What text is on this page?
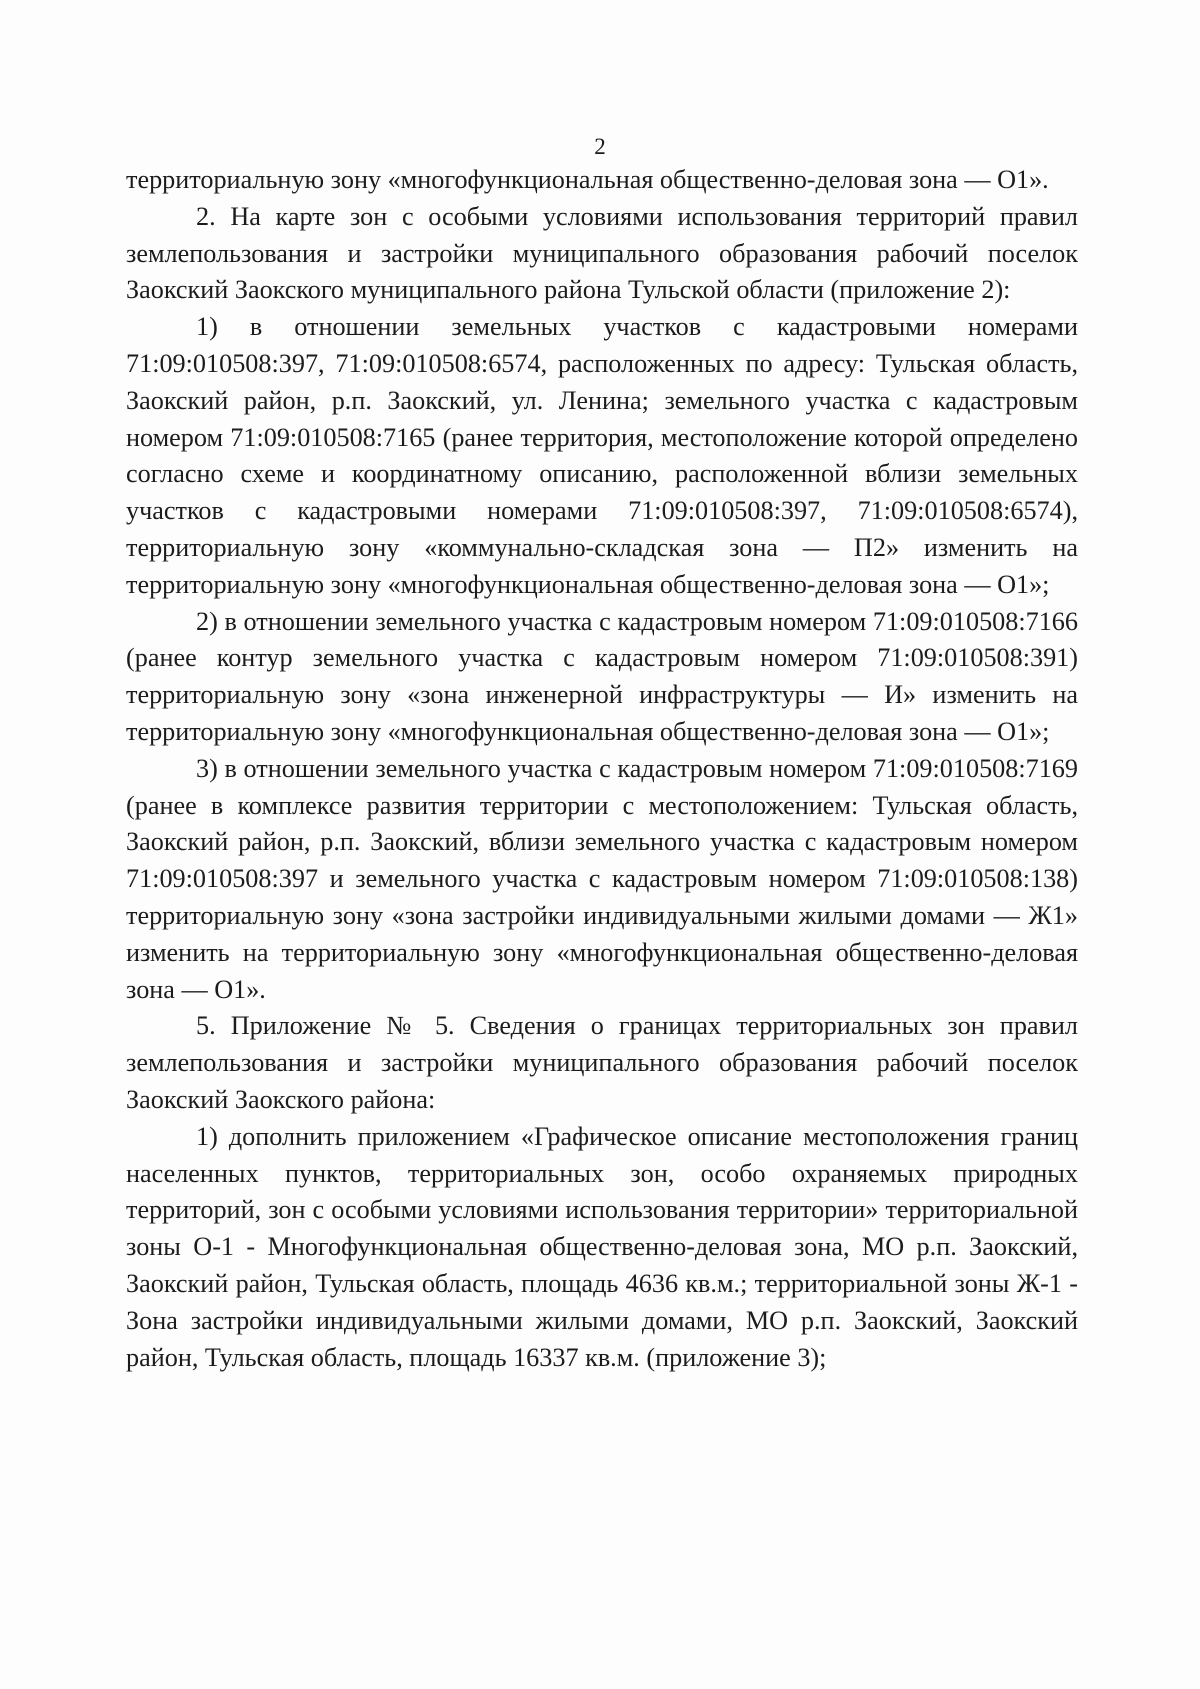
2

территориальную зону «многофункциональная общественно-деловая зона — О1».

2. На карте зон с особыми условиями использования территорий правил землепользования и застройки муниципального образования рабочий поселок Заокский Заокского муниципального района Тульской области (приложение 2):

1) в отношении земельных участков с кадастровыми номерами 71:09:010508:397, 71:09:010508:6574, расположенных по адресу: Тульская область, Заокский район, р.п. Заокский, ул. Ленина; земельного участка с кадастровым номером 71:09:010508:7165 (ранее территория, местоположение которой определено согласно схеме и координатному описанию, расположенной вблизи земельных участков с кадастровыми номерами 71:09:010508:397, 71:09:010508:6574), территориальную зону «коммунально-складская зона — П2» изменить на территориальную зону «многофункциональная общественно-деловая зона — О1»;

2) в отношении земельного участка с кадастровым номером 71:09:010508:7166 (ранее контур земельного участка с кадастровым номером 71:09:010508:391) территориальную зону «зона инженерной инфраструктуры — И» изменить на территориальную зону «многофункциональная общественно-деловая зона — О1»;

3) в отношении земельного участка с кадастровым номером 71:09:010508:7169 (ранее в комплексе развития территории с местоположением: Тульская область, Заокский район, р.п. Заокский, вблизи земельного участка с кадастровым номером 71:09:010508:397 и земельного участка с кадастровым номером 71:09:010508:138) территориальную зону «зона застройки индивидуальными жилыми домами — Ж1» изменить на территориальную зону «многофункциональная общественно-деловая зона — О1».

5. Приложение № 5. Сведения о границах территориальных зон правил землепользования и застройки муниципального образования рабочий поселок Заокский Заокского района:

1) дополнить приложением «Графическое описание местоположения границ населенных пунктов, территориальных зон, особо охраняемых природных территорий, зон с особыми условиями использования территории» территориальной зоны О-1 - Многофункциональная общественно-деловая зона, МО р.п. Заокский, Заокский район, Тульская область, площадь 4636 кв.м.; территориальной зоны Ж-1 - Зона застройки индивидуальными жилыми домами, МО р.п. Заокский, Заокский район, Тульская область, площадь 16337 кв.м. (приложение 3);
